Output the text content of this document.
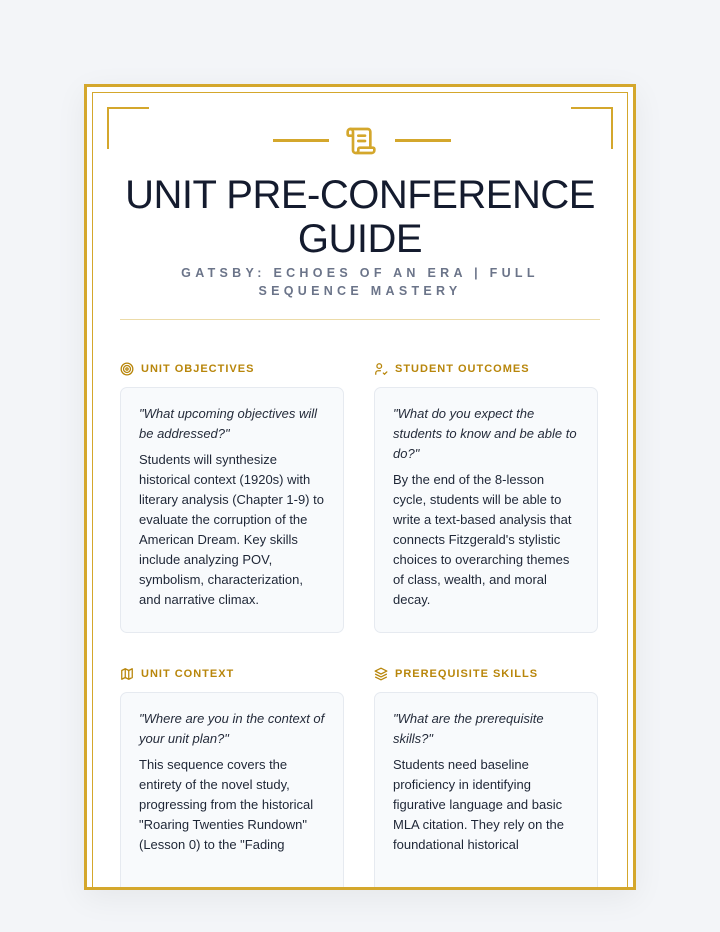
UNIT PRE-CONFERENCE GUIDE
GATSBY: ECHOES OF AN ERA | FULL SEQUENCE MASTERY
UNIT OBJECTIVES
"What upcoming objectives will be addressed?"
Students will synthesize historical context (1920s) with literary analysis (Chapter 1-9) to evaluate the corruption of the American Dream. Key skills include analyzing POV, symbolism, characterization, and narrative climax.
STUDENT OUTCOMES
"What do you expect the students to know and be able to do?"
By the end of the 8-lesson cycle, students will be able to write a text-based analysis that connects Fitzgerald's stylistic choices to overarching themes of class, wealth, and moral decay.
UNIT CONTEXT
"Where are you in the context of your unit plan?"
This sequence covers the entirety of the novel study, progressing from the historical "Roaring Twenties Rundown" (Lesson 0) to the "Fading
PREREQUISITE SKILLS
"What are the prerequisite skills?"
Students need baseline proficiency in identifying figurative language and basic MLA citation. They rely on the foundational historical
